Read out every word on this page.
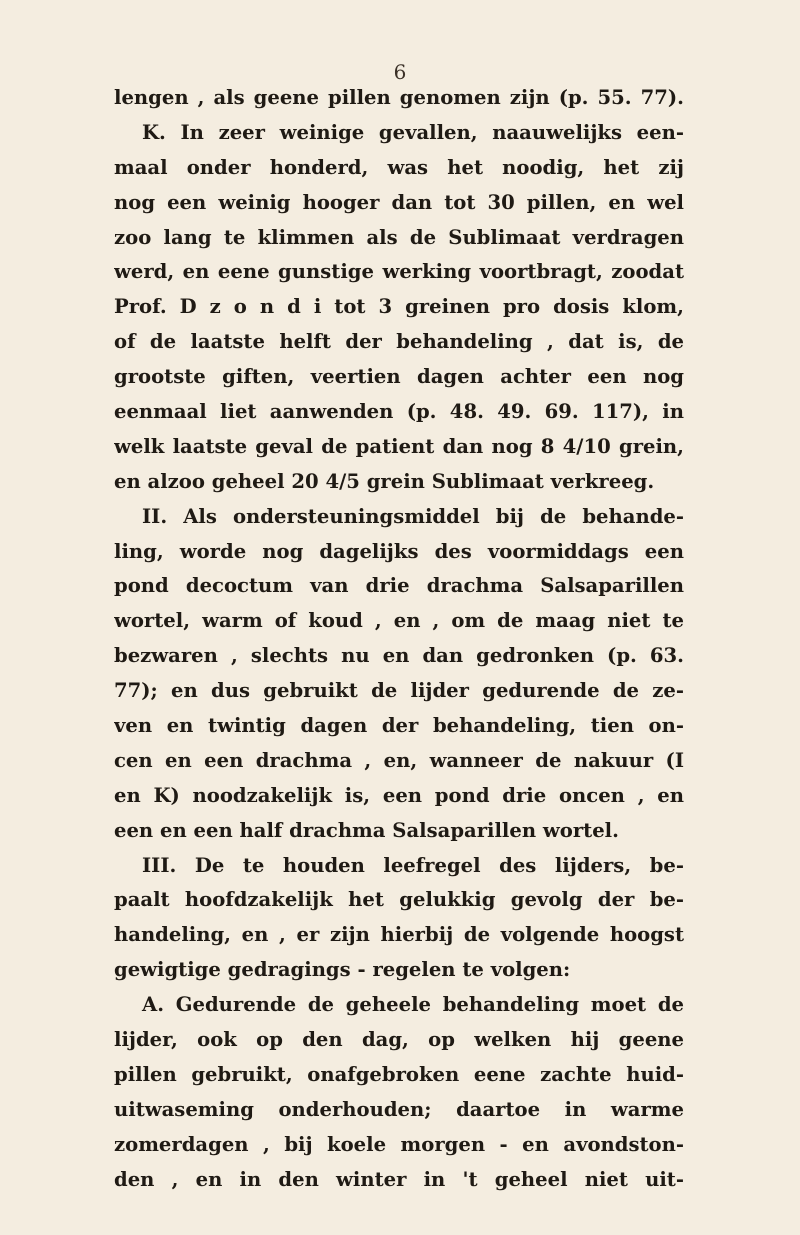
6
lengen , als geene pillen genomen zijn (p. 55. 77).
K. In zeer weinige gevallen, naauwelijks een-
maal onder honderd, was het noodig, het zij
nog een weinig hooger dan tot 30 pillen, en wel
zoo lang te klimmen als de Sublimaat verdragen
werd, en eene gunstige werking voortbragt, zoodat
Prof. D z o n d i tot 3 greinen pro dosis klom,
of de laatste helft der behandeling , dat is, de
grootste giften, veertien dagen achter een nog
eenmaal liet aanwenden (p. 48. 49. 69. 117), in
welk laatste geval de patient dan nog 8 4/10 grein,
en alzoo geheel 20 4/5 grein Sublimaat verkreeg.
II. Als ondersteuningsmiddel bij de behande-
ling, worde nog dagelijks des voormiddags een
pond decoctum van drie drachma Salsaparillen
wortel, warm of koud , en , om de maag niet te
bezwaren , slechts nu en dan gedronken (p. 63.
77); en dus gebruikt de lijder gedurende de ze-
ven en twintig dagen der behandeling, tien on-
cen en een drachma , en, wanneer de nakuur (I
en K) noodzakelijk is, een pond drie oncen , en
een en een half drachma Salsaparillen wortel.
III. De te houden leefregel des lijders, be-
paalt hoofdzakelijk het gelukkig gevolg der be-
handeling, en , er zijn hierbij de volgende hoogst
gewigtige gedragings - regelen te volgen:
A. Gedurende de geheele behandeling moet de
lijder, ook op den dag, op welken hij geene
pillen gebruikt, onafgebroken eene zachte huid-
uitwaseming onderhouden; daartoe in warme
zomerdagen , bij koele morgen - en avondston-
den , en in den winter in 't geheel niet uit-
